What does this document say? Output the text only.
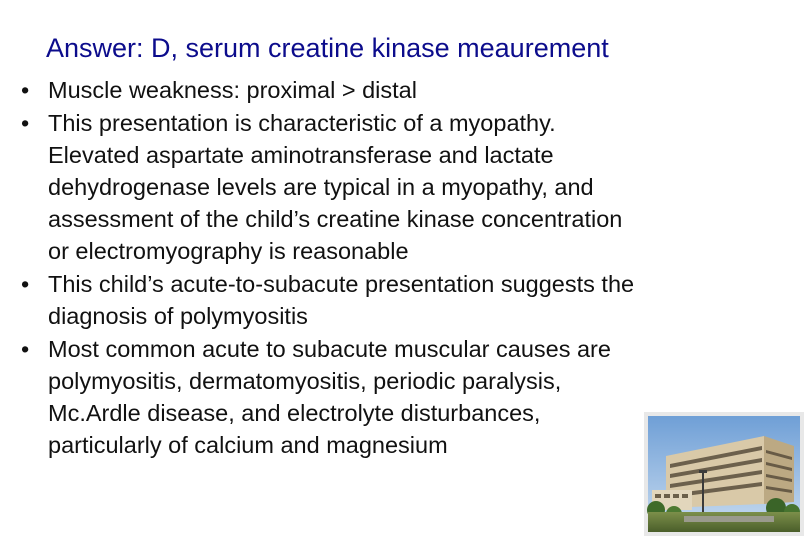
Answer: D, serum creatine kinase meaurement
• Muscle weakness: proximal > distal
• This presentation is characteristic of a myopathy.
Elevated aspartate aminotransferase and lactate
dehydrogenase levels are typical in a myopathy, and
assessment of the child’s creatine kinase concentration
or electromyography is reasonable
• This child’s acute-to-subacute presentation suggests the
diagnosis of polymyositis
• Most common acute to subacute muscular causes are
polymyositis, dermatomyositis, periodic paralysis,
Mc.Ardle disease, and electrolyte disturbances,
particularly of calcium and magnesium
